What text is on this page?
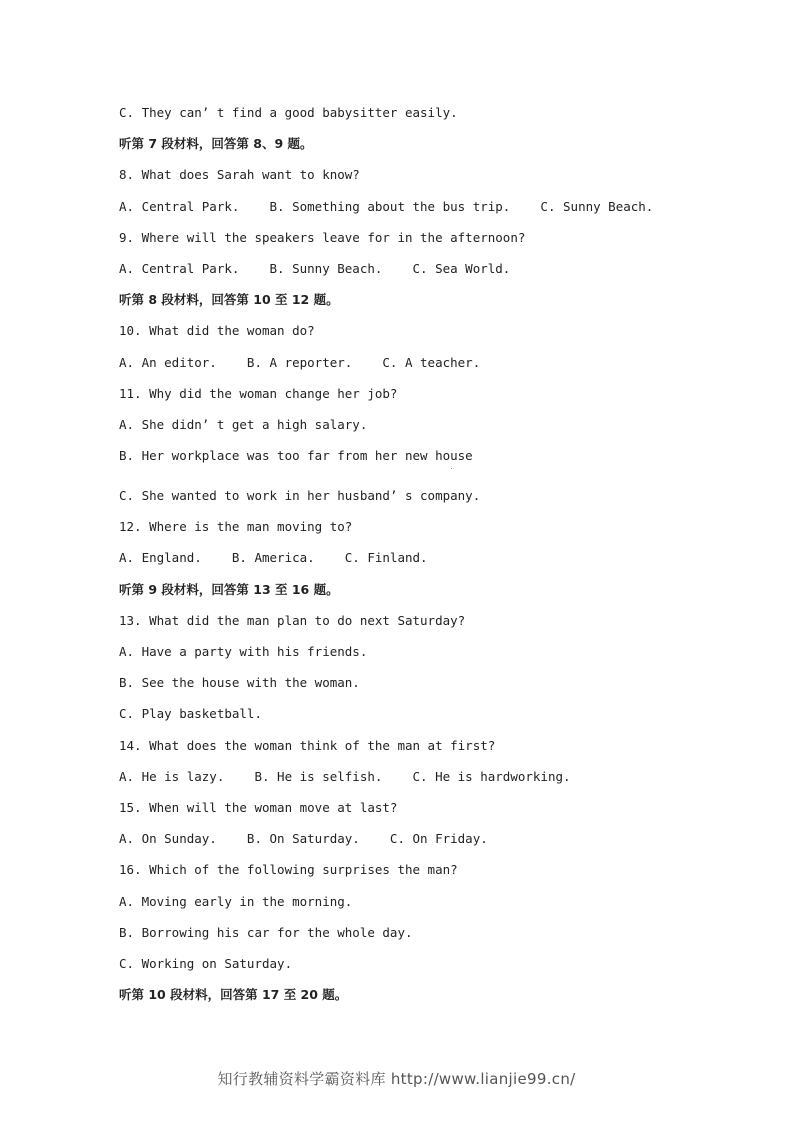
C. They can’ t find a good babysitter easily.
听第 7 段材料，回答第 8、9 题。
8. What does Sarah want to know?
A. Central Park.    B. Something about the bus trip.    C. Sunny Beach.
9. Where will the speakers leave for in the afternoon?
A. Central Park.    B. Sunny Beach.    C. Sea World.
听第 8 段材料，回答第 10 至 12 题。
10. What did the woman do?
A. An editor.    B. A reporter.    C. A teacher.
11. Why did the woman change her job?
A. She didn’ t get a high salary.
B. Her workplace was too far from her new house
C. She wanted to work in her husband’ s company.
12. Where is the man moving to?
A. England.    B. America.    C. Finland.
听第 9 段材料，回答第 13 至 16 题。
13. What did the man plan to do next Saturday?
A. Have a party with his friends.
B. See the house with the woman.
C. Play basketball.
14. What does the woman think of the man at first?
A. He is lazy.    B. He is selfish.    C. He is hardworking.
15. When will the woman move at last?
A. On Sunday.    B. On Saturday.    C. On Friday.
16. Which of the following surprises the man?
A. Moving early in the morning.
B. Borrowing his car for the whole day.
C. Working on Saturday.
听第 10 段材料，回答第 17 至 20 题。
知行教辅资料学霸资料库 http://www.lianjie99.cn/
